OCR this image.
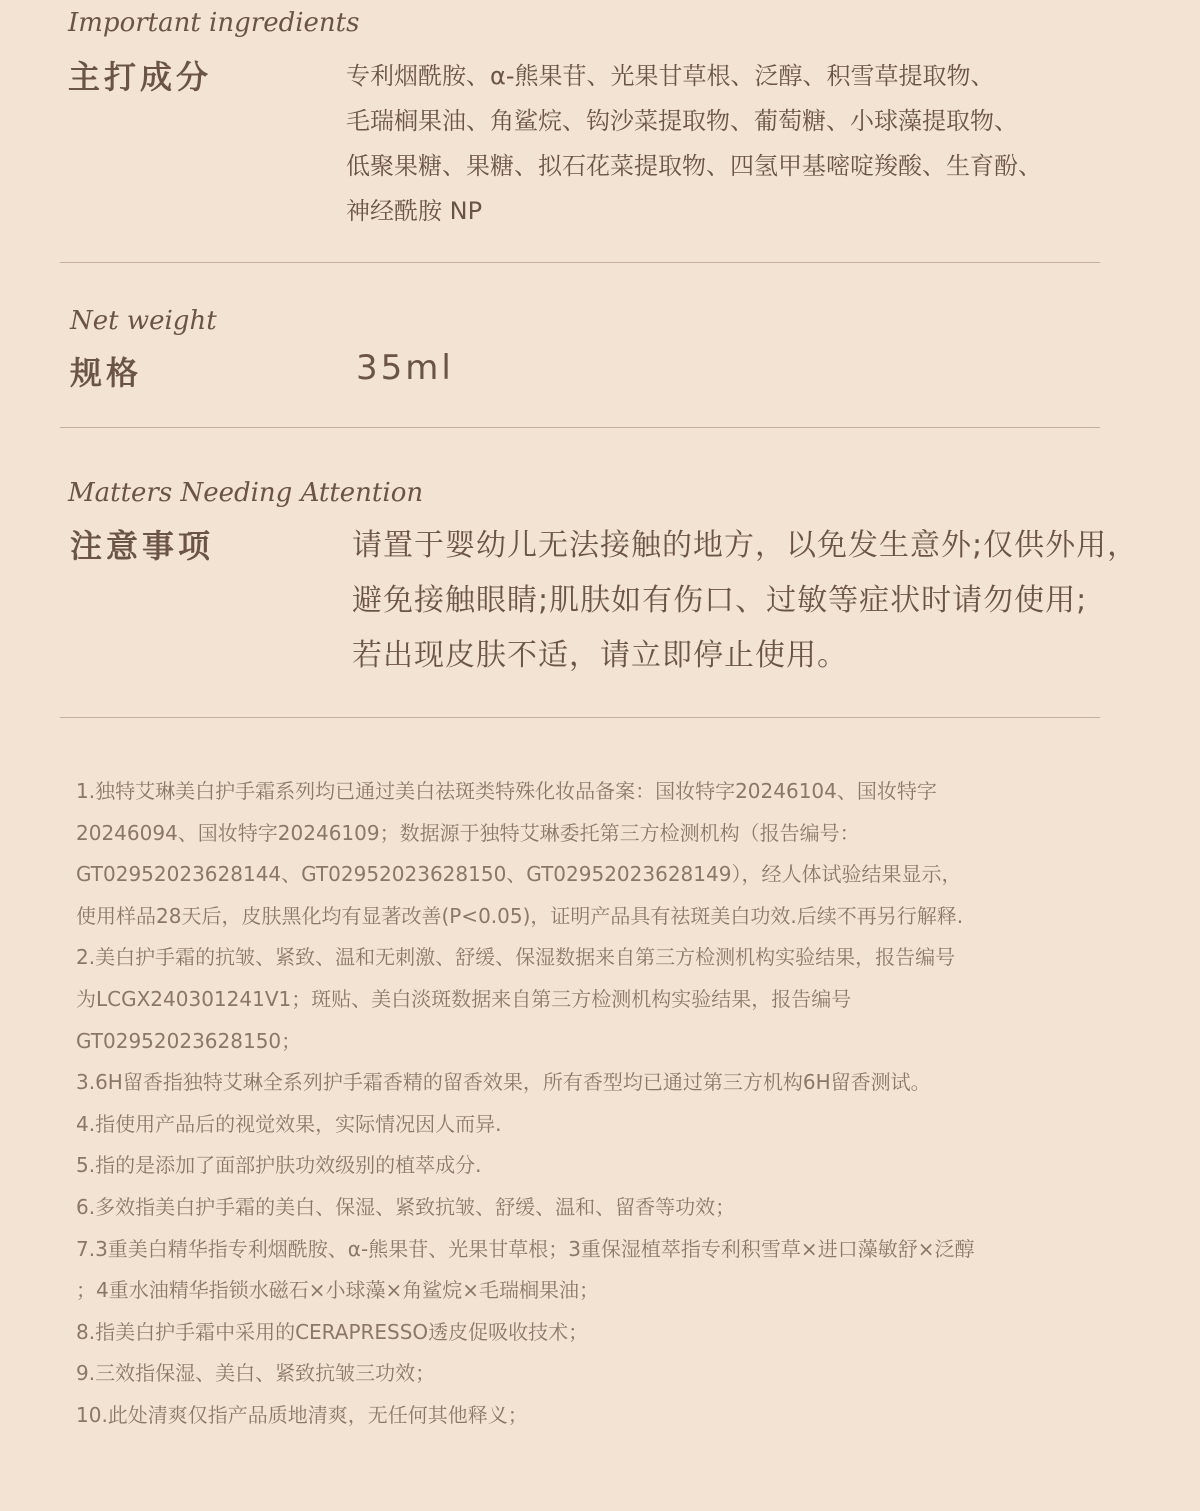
Important ingredients
主打成分	专利烟酰胺、α-熊果苷、光果甘草根、泛醇、积雪草提取物、
毛瑞榈果油、角鲨烷、钩沙菜提取物、葡萄糖、小球藻提取物、
低聚果糖、果糖、拟石花菜提取物、四氢甲基嘧啶羧酸、生育酚、
神经酰胺 NP
Net weight
规格	35ml
Matters Needing Attention
注意事项	请置于婴幼儿无法接触的地方，以免发生意外;仅供外用，
避免接触眼睛;肌肤如有伤口、过敏等症状时请勿使用;
若出现皮肤不适，请立即停止使用。
1.独特艾琳美白护手霜系列均已通过美白祛斑类特殊化妆品备案：国妆特字20246104、国妆特字
20246094、国妆特字20246109；数据源于独特艾琳委托第三方检测机构（报告编号：
GT02952023628144、GT02952023628150、GT02952023628149），经人体试验结果显示，
使用样品28天后，皮肤黑化均有显著改善(P<0.05)，证明产品具有祛斑美白功效.后续不再另行解释.
2.美白护手霜的抗皱、紧致、温和无刺激、舒缓、保湿数据来自第三方检测机构实验结果，报告编号
为LCGX240301241V1；斑贴、美白淡斑数据来自第三方检测机构实验结果，报告编号
GT02952023628150；
3.6H留香指独特艾琳全系列护手霜香精的留香效果，所有香型均已通过第三方机构6H留香测试。
4.指使用产品后的视觉效果，实际情况因人而异.
5.指的是添加了面部护肤功效级别的植萃成分.
6.多效指美白护手霜的美白、保湿、紧致抗皱、舒缓、温和、留香等功效；
7.3重美白精华指专利烟酰胺、α-熊果苷、光果甘草根；3重保湿植萃指专利积雪草×进口藻敏舒×泛醇
；4重水油精华指锁水磁石×小球藻×角鲨烷×毛瑞榈果油；
8.指美白护手霜中采用的CERAPRESSO透皮促吸收技术；
9.三效指保湿、美白、紧致抗皱三功效；
10.此处清爽仅指产品质地清爽，无任何其他释义；
